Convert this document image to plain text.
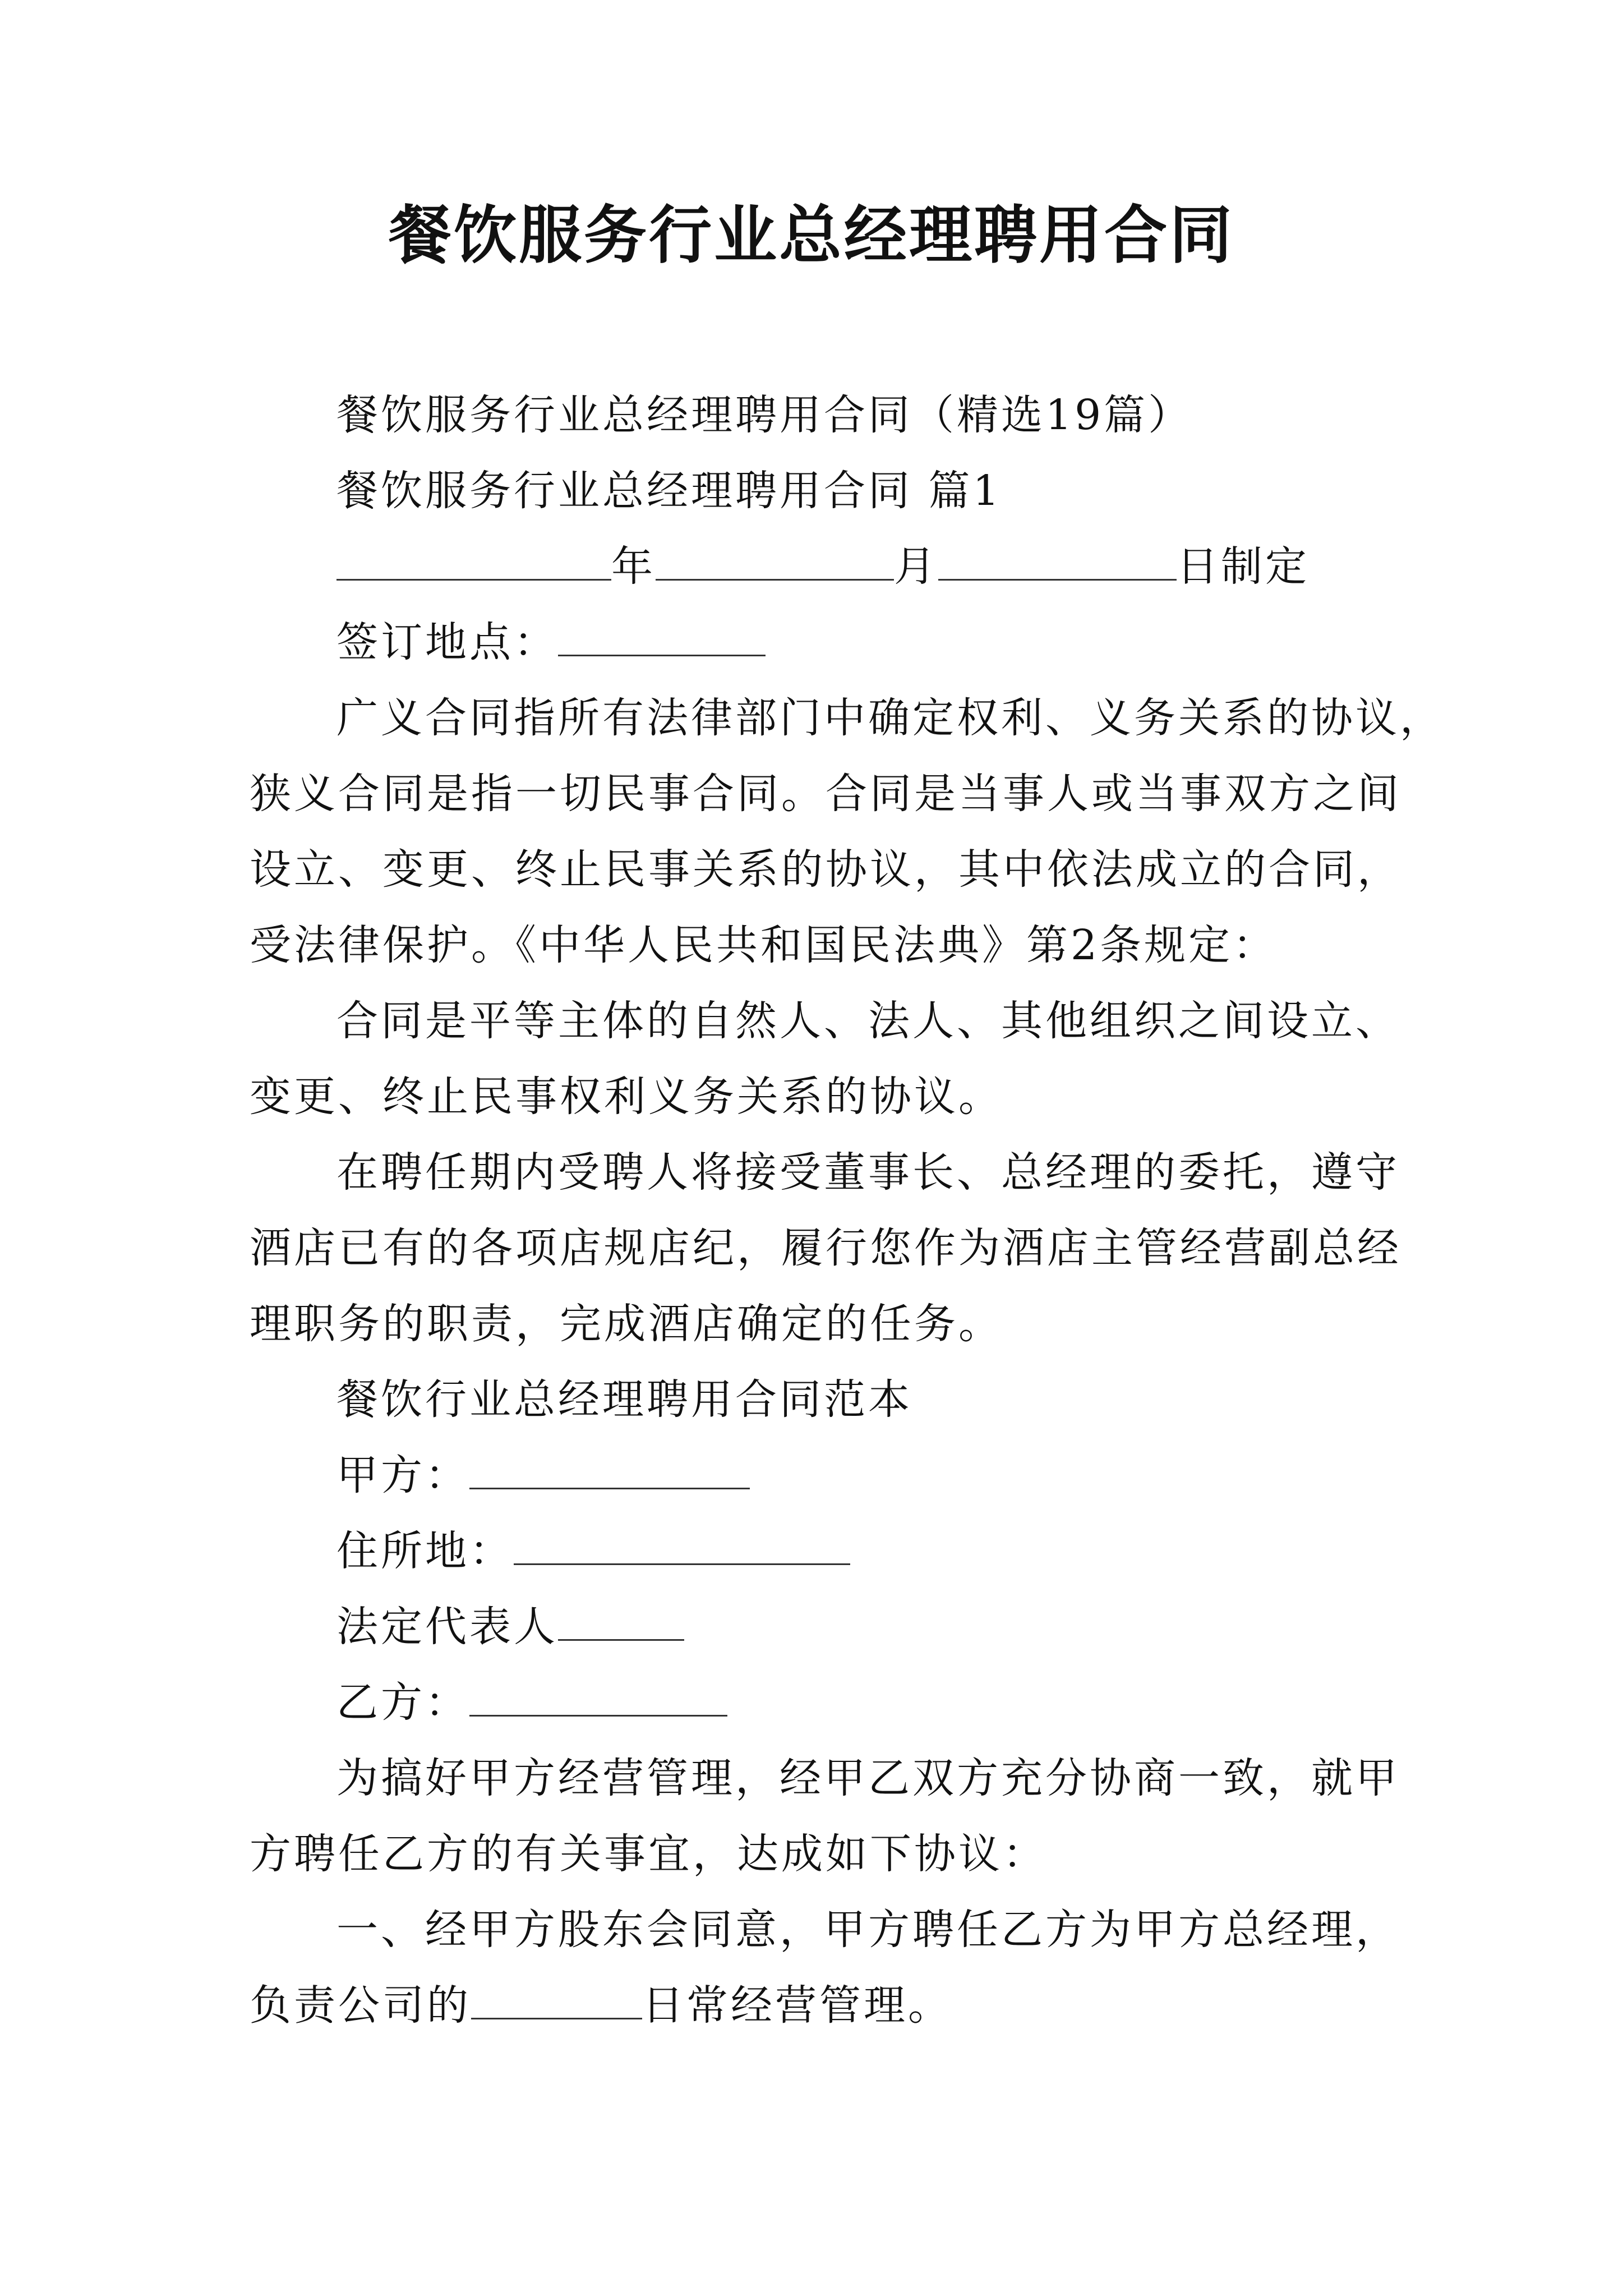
餐饮服务行业总经理聘用合同

餐饮服务行业总经理聘用合同（精选19篇）

餐饮服务行业总经理聘用合同 篇1

年	月	日制定

签订地点：

广义合同指所有法律部门中确定权利、义务关系的协议，

狭义合同是指一切民事合同。合同是当事人或当事双方之间

设立、变更、终止民事关系的协议，其中依法成立的合同，

受法律保护。《中华人民共和国民法典》第2条规定：

合同是平等主体的自然人、法人、其他组织之间设立、

变更、终止民事权利义务关系的协议。

在聘任期内受聘人将接受董事长、总经理的委托，遵守

酒店已有的各项店规店纪，履行您作为酒店主管经营副总经

理职务的职责，完成酒店确定的任务。

餐饮行业总经理聘用合同范本

甲方：

住所地：

法定代表人

乙方：

为搞好甲方经营管理，经甲乙双方充分协商一致，就甲

方聘任乙方的有关事宜，达成如下协议：

一、经甲方股东会同意，甲方聘任乙方为甲方总经理，

负责公司的	日常经营管理。
